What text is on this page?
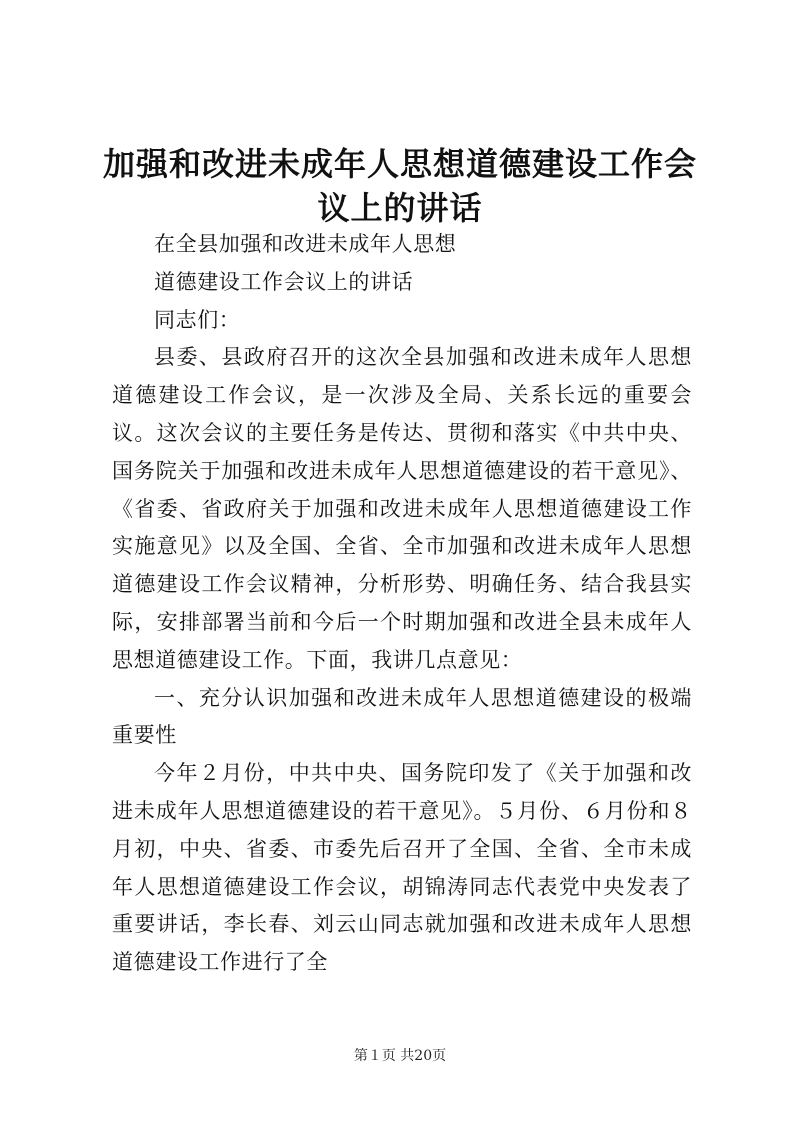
加强和改进未成年人思想道德建设工作会议上的讲话

在全县加强和改进未成年人思想

道德建设工作会议上的讲话

同志们：

县委、县政府召开的这次全县加强和改进未成年人思想道德建设工作会议，是一次涉及全局、关系长远的重要会议。这次会议的主要任务是传达、贯彻和落实《中共中央、国务院关于加强和改进未成年人思想道德建设的若干意见》、《省委、省政府关于加强和改进未成年人思想道德建设工作实施意见》以及全国、全省、全市加强和改进未成年人思想道德建设工作会议精神，分析形势、明确任务、结合我县实际，安排部署当前和今后一个时期加强和改进全县未成年人思想道德建设工作。下面，我讲几点意见：

一、充分认识加强和改进未成年人思想道德建设的极端重要性

今年２月份，中共中央、国务院印发了《关于加强和改进未成年人思想道德建设的若干意见》。５月份、６月份和８月初，中央、省委、市委先后召开了全国、全省、全市未成年人思想道德建设工作会议，胡锦涛同志代表党中央发表了重要讲话，李长春、刘云山同志就加强和改进未成年人思想道德建设工作进行了全

第１页 共20页
